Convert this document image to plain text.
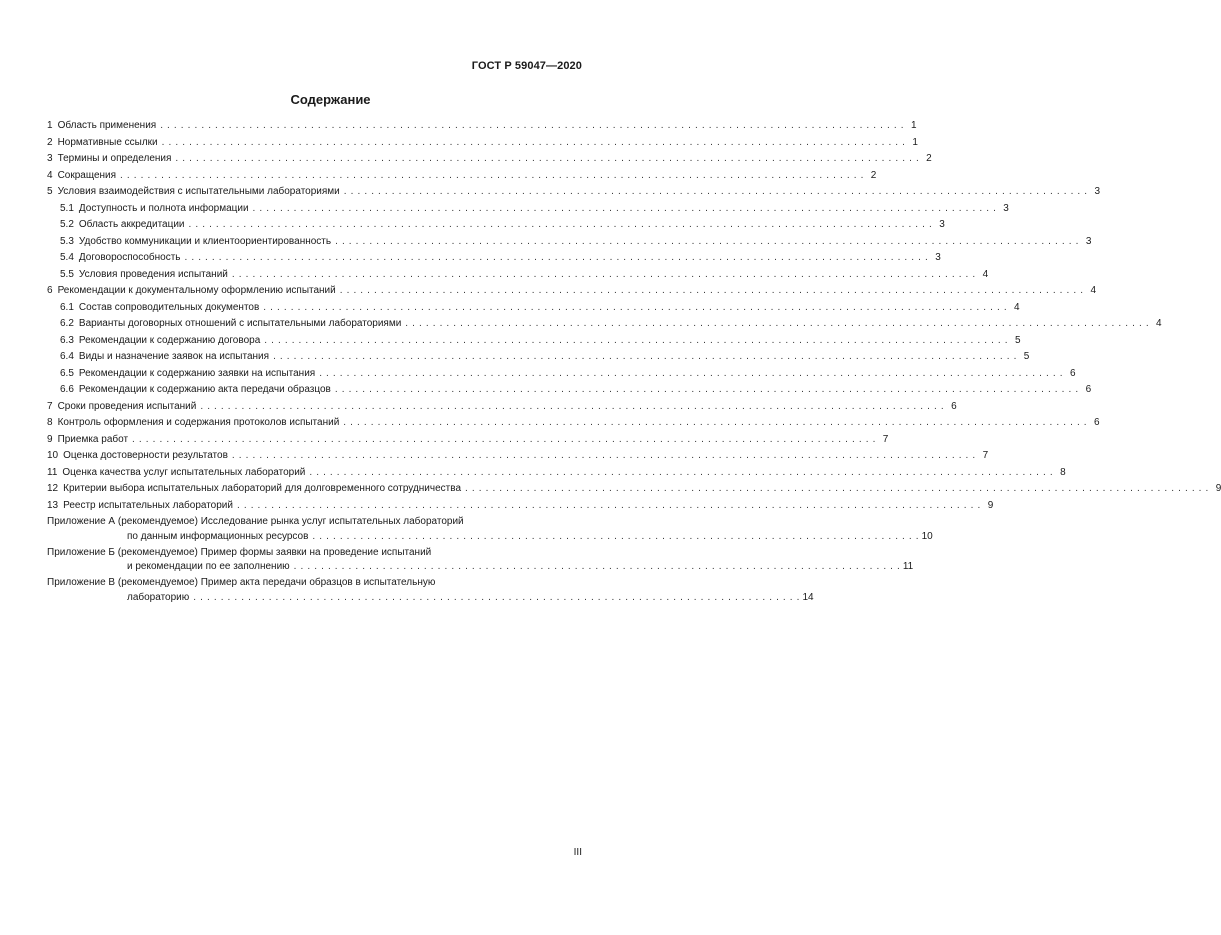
ГОСТ Р 59047—2020
Содержание
1 Область применения . . .	1
2 Нормативные ссылки . . .	1
3 Термины и определения . . .	2
4 Сокращения . . .	2
5 Условия взаимодействия с испытательными лабораториями . . .	3
5.1 Доступность и полнота информации . . .	3
5.2 Область аккредитации . . .	3
5.3 Удобство коммуникации и клиентоориентированность . . .	3
5.4 Договороспособность . . .	3
5.5 Условия проведения испытаний . . .	4
6 Рекомендации к документальному оформлению испытаний . . .	4
6.1 Состав сопроводительных документов . . .	4
6.2 Варианты договорных отношений с испытательными лабораториями . . .	4
6.3 Рекомендации к содержанию договора . . .	5
6.4 Виды и назначение заявок на испытания . . .	5
6.5 Рекомендации к содержанию заявки на испытания . . .	6
6.6 Рекомендации к содержанию акта передачи образцов . . .	6
7 Сроки проведения испытаний . . .	6
8 Контроль оформления и содержания протоколов испытаний . . .	6
9 Приемка работ . . .	7
10 Оценка достоверности результатов . . .	7
11 Оценка качества услуг испытательных лабораторий . . .	8
12 Критерии выбора испытательных лабораторий для долговременного сотрудничества . . .	9
13 Реестр испытательных лабораторий . . .	9
Приложение А (рекомендуемое) Исследование рынка услуг испытательных лабораторий
по данным информационных ресурсов . . .	10
Приложение Б (рекомендуемое) Пример формы заявки на проведение испытаний
и рекомендации по ее заполнению . . .	11
Приложение В (рекомендуемое) Пример акта передачи образцов в испытательную
лабораторию . . .	14
III
